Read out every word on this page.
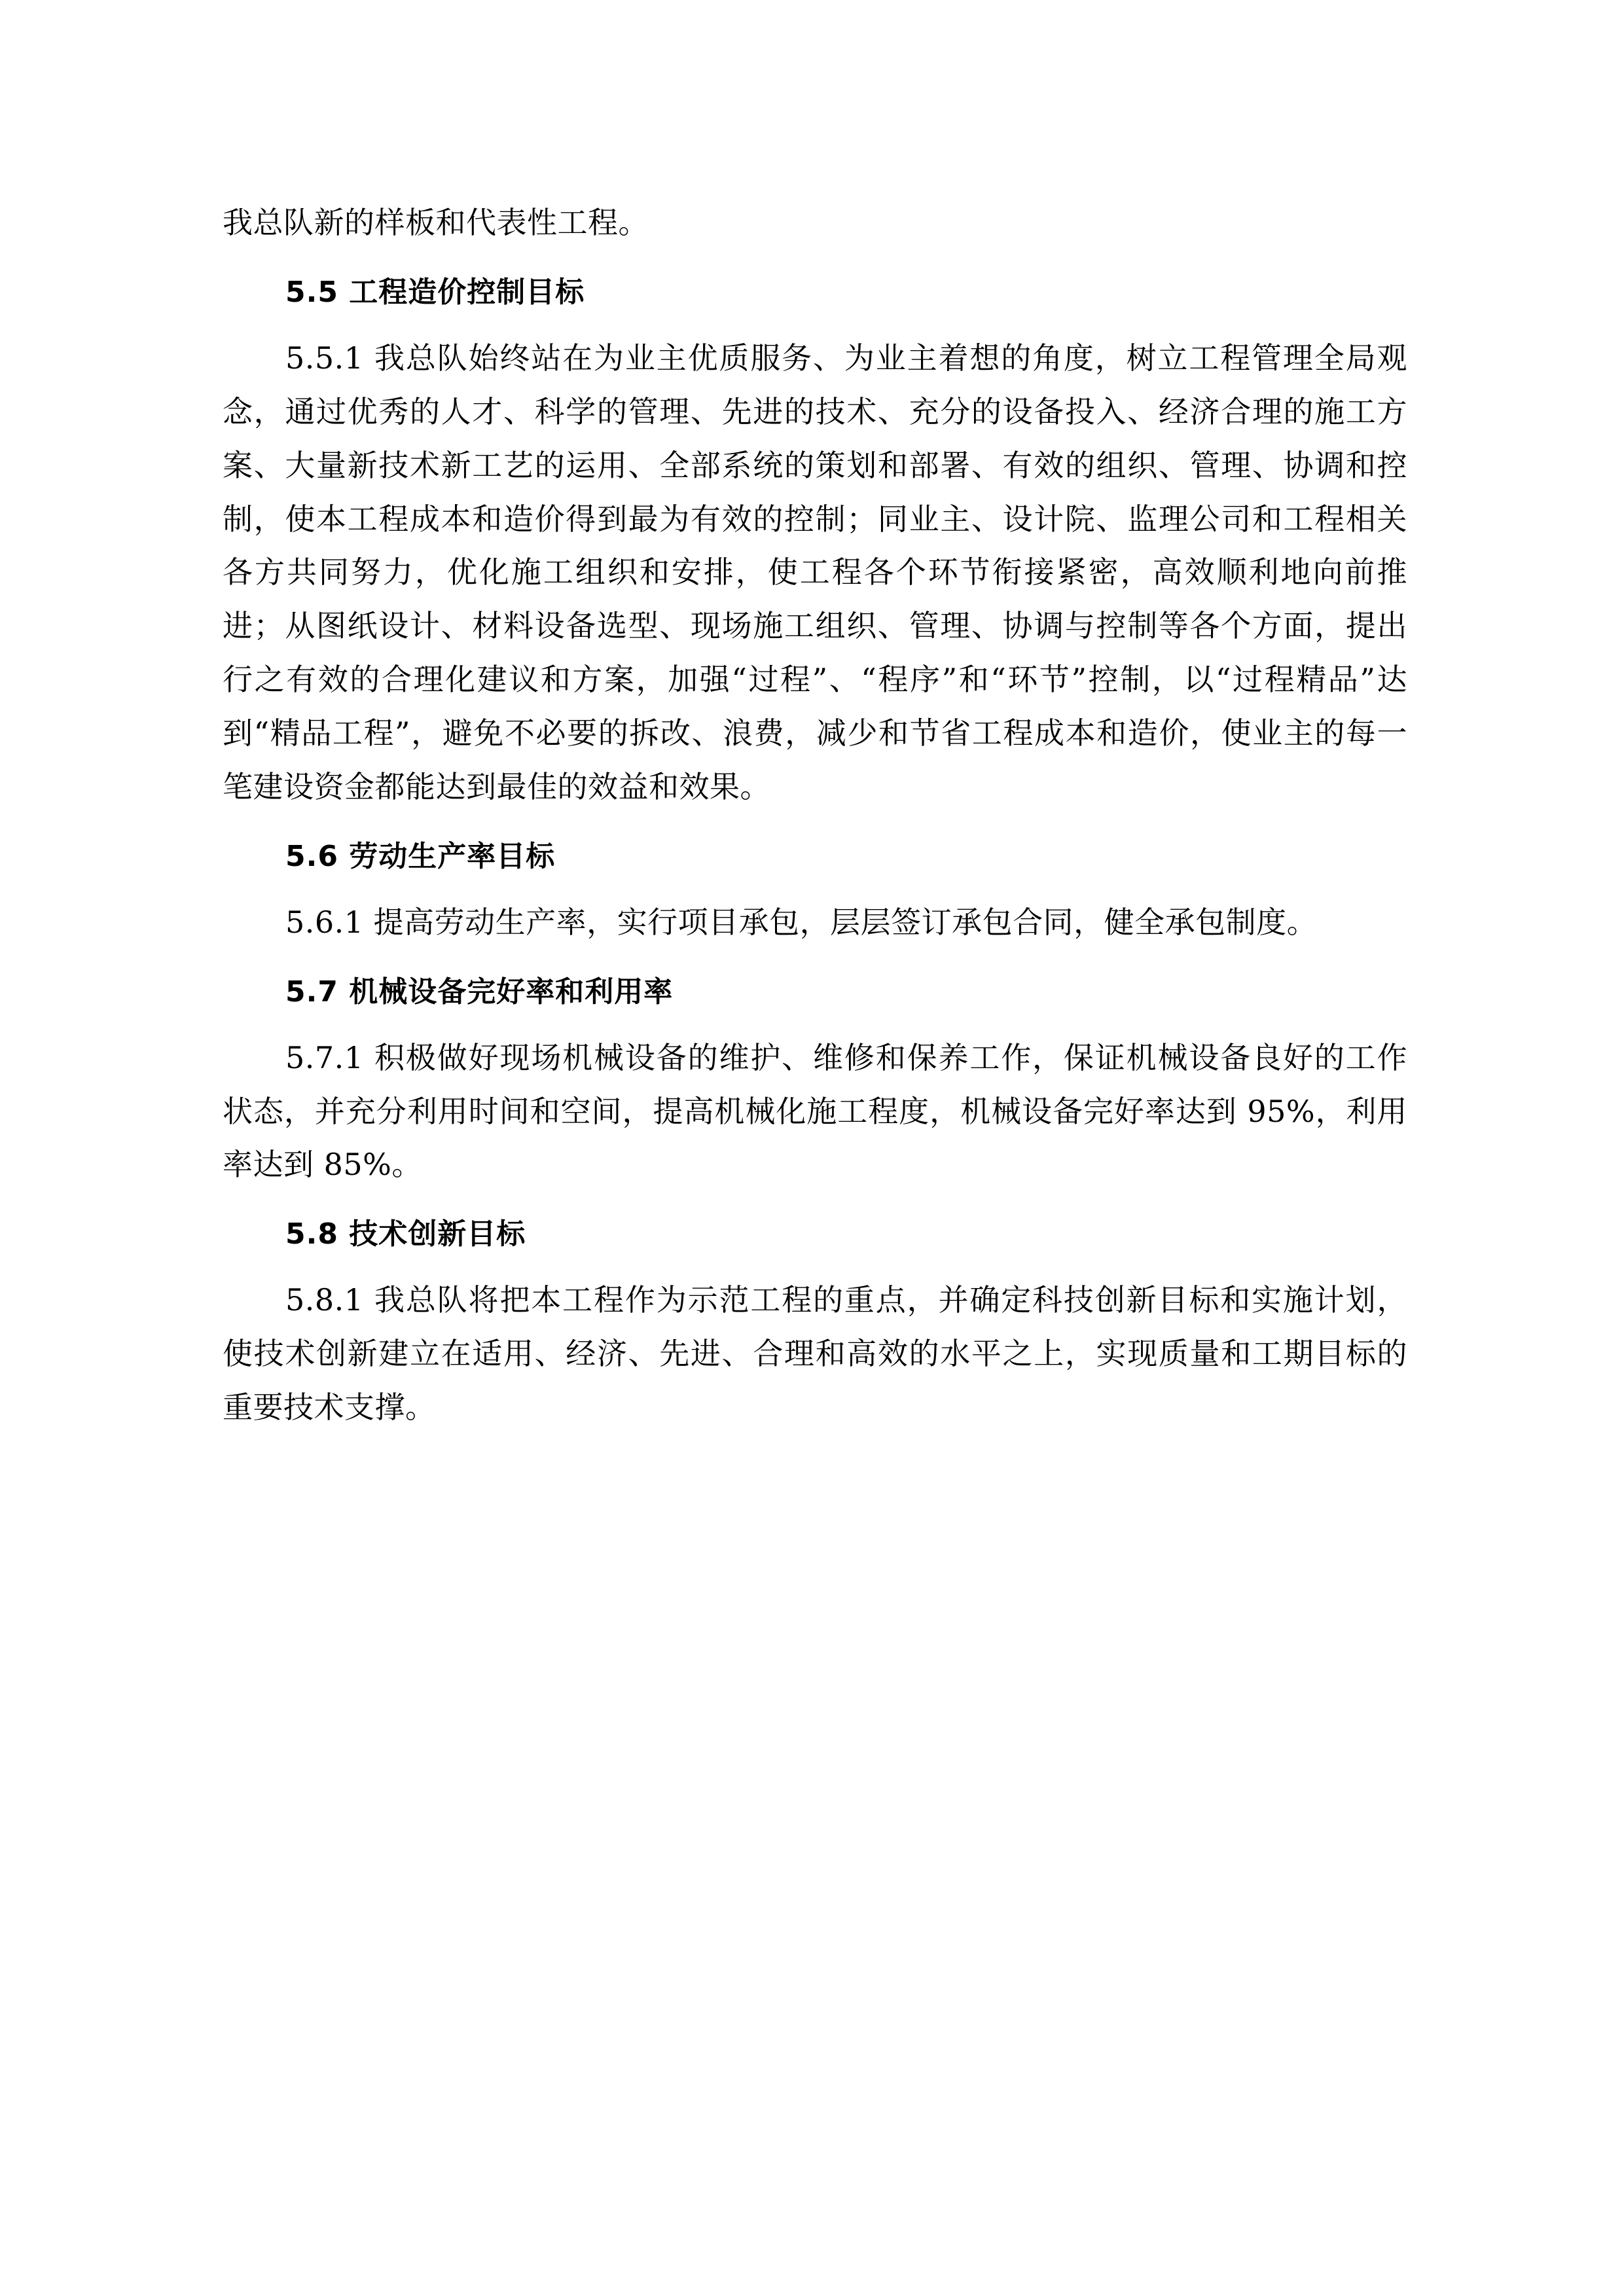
我总队新的样板和代表性工程。

5.5 工程造价控制目标

5.5.1 我总队始终站在为业主优质服务、为业主着想的角度，树立工程管理全局观念，通过优秀的人才、科学的管理、先进的技术、充分的设备投入、经济合理的施工方案、大量新技术新工艺的运用、全部系统的策划和部署、有效的组织、管理、协调和控制，使本工程成本和造价得到最为有效的控制；同业主、设计院、监理公司和工程相关各方共同努力，优化施工组织和安排，使工程各个环节衔接紧密，高效顺利地向前推进；从图纸设计、材料设备选型、现场施工组织、管理、协调与控制等各个方面，提出行之有效的合理化建议和方案，加强“过程”、“程序”和“环节”控制，以“过程精品”达到“精品工程”，避免不必要的拆改、浪费，减少和节省工程成本和造价，使业主的每一笔建设资金都能达到最佳的效益和效果。

5.6 劳动生产率目标

5.6.1 提高劳动生产率，实行项目承包，层层签订承包合同，健全承包制度。

5.7 机械设备完好率和利用率

5.7.1 积极做好现场机械设备的维护、维修和保养工作，保证机械设备良好的工作状态，并充分利用时间和空间，提高机械化施工程度，机械设备完好率达到 95%，利用率达到 85%。

5.8 技术创新目标

5.8.1 我总队将把本工程作为示范工程的重点，并确定科技创新目标和实施计划，使技术创新建立在适用、经济、先进、合理和高效的水平之上，实现质量和工期目标的重要技术支撑。
